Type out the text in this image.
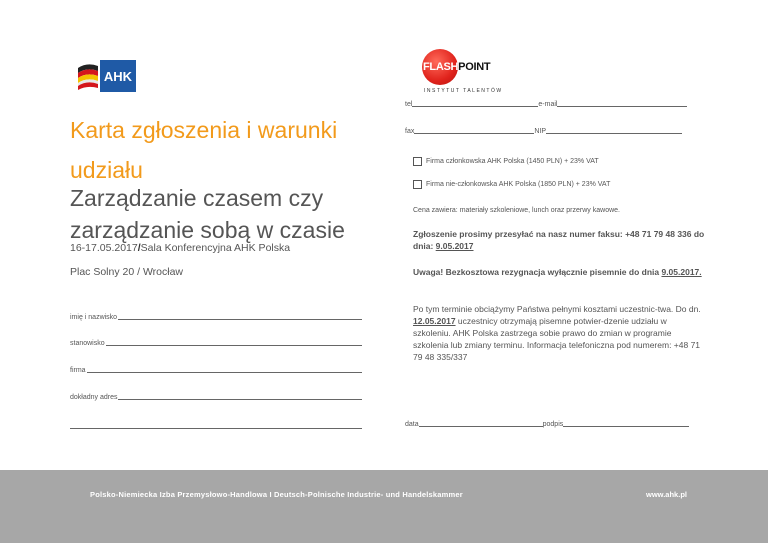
AHK
FLASHPOINT
INSTYTUT TALENTÓW
Karta zgłoszenia i warunki udziału
Zarządzanie czasem czy zarządzanie sobą w czasie
16-17.05.2017/Sala Konferencyjna AHK Polska
Plac Solny 20 / Wrocław
imię i nazwisko
stanowisko
firma
dokładny adres
tel	e-mail
fax	NIP
Firma członkowska AHK Polska (1450 PLN) + 23% VAT
Firma nie-członkowska AHK Polska (1850 PLN) + 23% VAT
Cena zawiera: materiały szkoleniowe, lunch oraz przerwy kawowe.
Zgłoszenie prosimy przesyłać na nasz numer faksu: +48 71 79 48 336 do dnia: 9.05.2017
Uwaga! Bezkosztowa rezygnacja wyłącznie pisemnie do dnia 9.05.2017.
Po tym terminie obciążymy Państwa pełnymi kosztami uczestnic-twa. Do dn. 12.05.2017 uczestnicy otrzymają pisemne potwier-dzenie udziału w szkoleniu. AHK Polska zastrzega sobie prawo do zmian w programie szkolenia lub zmiany terminu. Informacja telefoniczna pod numerem: +48 71 79 48 335/337
data	podpis
Polsko-Niemiecka Izba Przemysłowo-Handlowa I Deutsch-Polnische Industrie- und Handelskammer	www.ahk.pl
